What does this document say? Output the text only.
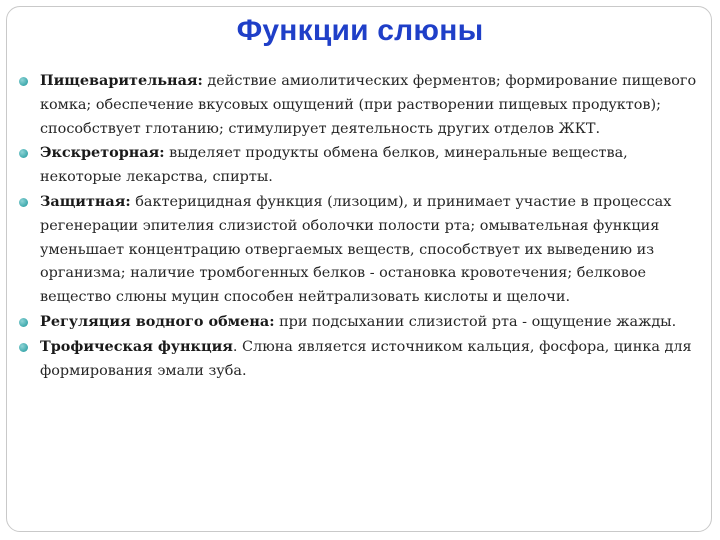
Функции слюны
Пищеварительная: действие амиолитических ферментов; формирование пищевого комка; обеспечение вкусовых ощущений (при растворении пищевых продуктов); способствует глотанию; стимулирует деятельность других отделов ЖКТ.
Экскреторная: выделяет продукты обмена белков, минеральные вещества, некоторые лекарства, спирты.
Защитная: бактерицидная функция (лизоцим), и принимает участие в процессах регенерации эпителия слизистой оболочки полости рта; омывательная функция уменьшает концентрацию отвергаемых веществ, способствует их выведению из организма; наличие тромбогенных белков - остановка кровотечения; белковое вещество слюны муцин способен нейтрализовать кислоты и щелочи.
Регуляция водного обмена: при подсыхании слизистой рта - ощущение жажды.
Трофическая функция. Слюна является источником кальция, фосфора, цинка для формирования эмали зуба.
